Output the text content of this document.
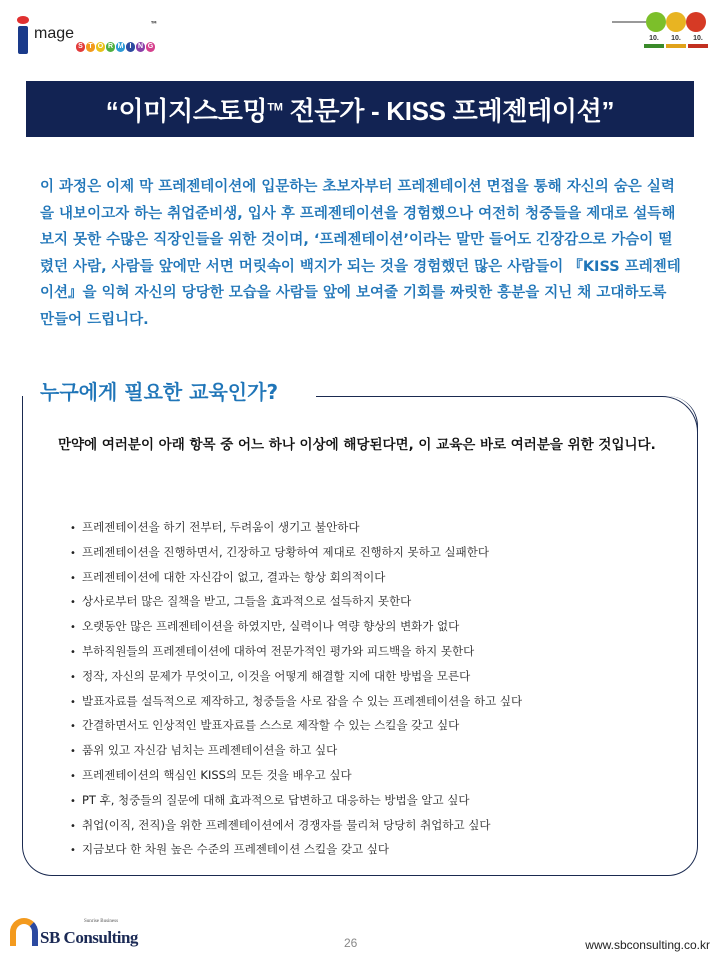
mage
™
S T O R M I N G
10.	10.	10.
“이미지스토밍™ 전문가 - KISS 프레젠테이션”

이 과정은 이제 막 프레젠테이션에 입문하는 초보자부터 프레젠테이션 면접을 통해 자신의 숨은 실력을 내보이고자 하는 취업준비생, 입사 후 프레젠테이션을 경험했으나 여전히 청중들을 제대로 설득해보지 못한 수많은 직장인들을 위한 것이며, ‘프레젠테이션’이라는 말만 들어도 긴장감으로 가슴이 떨렸던 사람, 사람들 앞에만 서면 머릿속이 백지가 되는 것을 경험했던 많은 사람들이 『KISS 프레젠테이션』을 익혀 자신의 당당한 모습을 사람들 앞에 보여줄 기회를 짜릿한 흥분을 지닌 채 고대하도록 만들어 드립니다.

누구에게 필요한 교육인가?

만약에 여러분이 아래 항목 중 어느 하나 이상에 해당된다면, 이 교육은 바로 여러분을 위한 것입니다.

• 프레젠테이션을 하기 전부터, 두려움이 생기고 불안하다
• 프레젠테이션을 진행하면서, 긴장하고 당황하여 제대로 진행하지 못하고 실패한다
• 프레젠테이션에 대한 자신감이 없고, 결과는 항상 회의적이다
• 상사로부터 많은 질책을 받고, 그들을 효과적으로 설득하지 못한다
• 오랫동안 많은 프레젠테이션을 하였지만, 실력이나 역량 향상의 변화가 없다
• 부하직원들의 프레젠테이션에 대하여 전문가적인 평가와 피드백을 하지 못한다
• 정작, 자신의 문제가 무엇이고, 이것을 어떻게 해결할 지에 대한 방법을 모른다
• 발표자료를 설득적으로 제작하고, 청중들을 사로 잡을 수 있는 프레젠테이션을 하고 싶다
• 간결하면서도 인상적인 발표자료를 스스로 제작할 수 있는 스킬을 갖고 싶다
• 품위 있고 자신감 넘치는 프레젠테이션을 하고 싶다
• 프레젠테이션의 핵심인 KISS의 모든 것을 배우고 싶다
• PT 후, 청중들의 질문에 대해 효과적으로 답변하고 대응하는 방법을 알고 싶다
• 취업(이직, 전직)을 위한 프레젠테이션에서 경쟁자를 물리쳐 당당히 취업하고 싶다
• 지금보다 한 차원 높은 수준의 프레젠테이션 스킬을 갖고 싶다
Sunrise Business
SB Consulting	26	www.sbconsulting.co.kr
